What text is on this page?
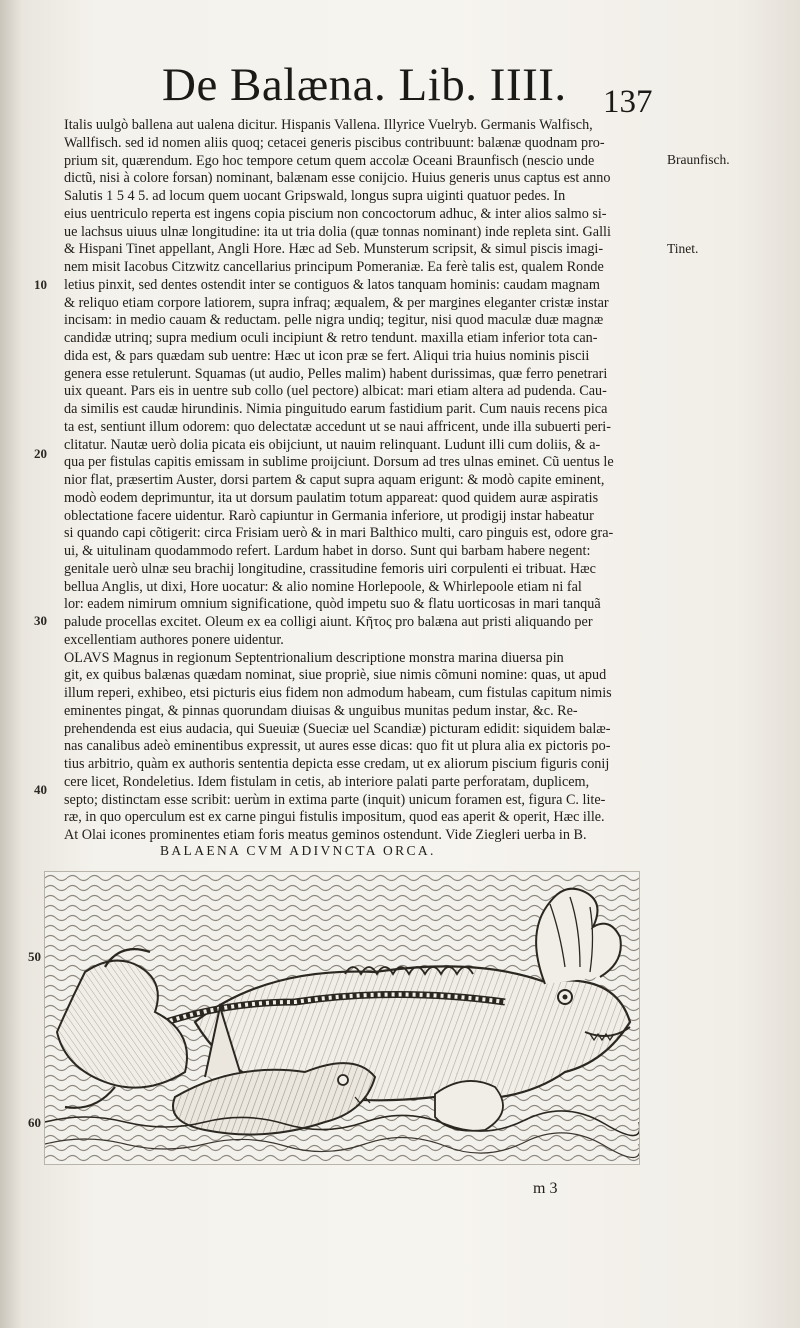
De Balæna. Lib. IIII. 137
Italis uulgò ballena aut ualena dicitur. Hispanis Vallena. Illyrice Vuelryb. Germanis Walfisch,
Wallfisch. sed id nomen aliis quoq; cetacei generis piscibus contribuunt: balænæ quodnam pro-
prium sit, quærendum. Ego hoc tempore cetum quem accolæ Oceani Braunfisch (nescio unde
dictũ, nisi à colore forsan) nominant, balænam esse conijcio. Huius generis unus captus est anno
Salutis 1 5 4 5. ad locum quem uocant Gripswald, longus supra uiginti quatuor pedes. In
eius uentriculo reperta est ingens copia piscium non concoctorum adhuc, & inter alios salmo si-
ue lachsus uiuus ulnæ longitudine: ita ut tria dolia (quæ tonnas nominant) inde repleta sint. Galli
& Hispani Tinet appellant, Angli Hore. Hæc ad Seb. Munsterum scripsit, & simul piscis imagi-
nem misit Iacobus Citzwitz cancellarius principum Pomeraniæ. Ea ferè talis est, qualem Ronde
letius pinxit, sed dentes ostendit inter se contiguos & latos tanquam hominis: caudam magnam
& reliquo etiam corpore latiorem, supra infraq; æqualem, & per margines eleganter cristæ instar
incisam: in medio cauam & reductam. pelle nigra undiq; tegitur, nisi quod maculæ duæ magnæ
candidæ utrinq; supra medium oculi incipiunt & retro tendunt. maxilla etiam inferior tota can-
dida est, & pars quædam sub uentre: Hæc ut icon præ se fert. Aliqui tria huius nominis piscii
genera esse retulerunt. Squamas (ut audio, Pelles malim) habent durissimas, quæ ferro penetrari
uix queant. Pars eis in uentre sub collo (uel pectore) albicat: mari etiam altera ad pudenda. Cau-
da similis est caudæ hirundinis. Nimia pinguitudo earum fastidium parit. Cum nauis recens pica
ta est, sentiunt illum odorem: quo delectatæ accedunt ut se naui affricent, unde illa subuerti peri-
clitatur. Nautæ uerò dolia picata eis obijciunt, ut nauim relinquant. Ludunt illi cum doliis, & a-
qua per fistulas capitis emissam in sublime proijciunt. Dorsum ad tres ulnas eminet. Cũ uentus le
nior flat, præsertim Auster, dorsi partem & caput supra aquam erigunt: & modò capite eminent,
modò eodem deprimuntur, ita ut dorsum paulatim totum appareat: quod quidem auræ aspiratis
oblectatione facere uidentur. Rarò capiuntur in Germania inferiore, ut prodigij instar habeatur
si quando capi cõtigerit: circa Frisiam uerò & in mari Balthico multi, caro pinguis est, odore gra-
ui, & uitulinam quodammodo refert. Lardum habet in dorso. Sunt qui barbam habere negent:
genitale uerò ulnæ seu brachij longitudine, crassitudine femoris uiri corpulenti ei tribuat. Hæc
bellua Anglis, ut dixi, Hore uocatur: & alio nomine Horlepoole, & Whirlepoole etiam ni fal
lor: eadem nimirum omnium significatione, quòd impetu suo & flatu uorticosas in mari tanquã
palude procellas excitet. Oleum ex ea colligi aiunt. Κῆτος pro balæna aut pristi aliquando per
excellentiam authores ponere uidentur.
OLAVS Magnus in regionum Septentrionalium descriptione monstra marina diuersa pin
git, ex quibus balænas quædam nominat, siue propriè, siue nimis cõmuni nomine: quas, ut apud
illum reperi, exhibeo, etsi picturis eius fidem non admodum habeam, cum fistulas capitum nimis
eminentes pingat, & pinnas quorundam diuisas & unguibus munitas pedum instar, &c. Re-
prehendenda est eius audacia, qui Sueuiæ (Sueciæ uel Scandiæ) picturam edidit: siquidem balæ-
nas canalibus adeò eminentibus expressit, ut aures esse dicas: quo fit ut plura alia ex pictoris po-
tius arbitrio, quàm ex authoris sententia depicta esse credam, ut ex aliorum piscium figuris conij
cere licet, Rondeletius. Idem fistulam in cetis, ab interiore palati parte perforatam, duplicem,
septo; distinctam esse scribit: uerùm in extima parte (inquit) unicum foramen est, figura C. lite-
ræ, in quo operculum est ex carne pingui fistulis impositum, quod eas aperit & operit, Hæc ille.
At Olai icones prominentes etiam foris meatus geminos ostendunt. Vide Ziegleri uerba in B.
Braunfisch.
Tinet.
10
20
30
40
50
60
BALAENA CVM ADIVNCTA ORCA.
m 3
